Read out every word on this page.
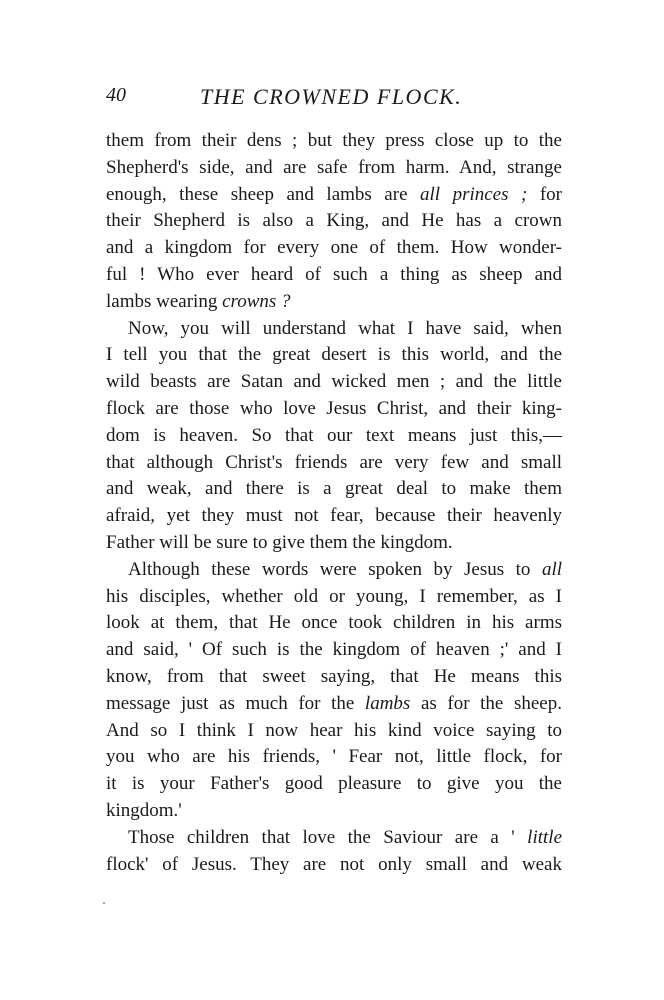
40	THE CROWNED FLOCK.

them from their dens ; but they press close up to the
Shepherd's side, and are safe from harm. And, strange
enough, these sheep and lambs are all princes ; for
their Shepherd is also a King, and He has a crown
and a kingdom for every one of them. How wonder-
ful ! Who ever heard of such a thing as sheep and
lambs wearing crowns ?

Now, you will understand what I have said, when
I tell you that the great desert is this world, and the
wild beasts are Satan and wicked men ; and the little
flock are those who love Jesus Christ, and their king-
dom is heaven. So that our text means just this,—
that although Christ's friends are very few and small
and weak, and there is a great deal to make them
afraid, yet they must not fear, because their heavenly
Father will be sure to give them the kingdom.

Although these words were spoken by Jesus to all
his disciples, whether old or young, I remember, as I
look at them, that He once took children in his arms
and said, ' Of such is the kingdom of heaven ;' and I
know, from that sweet saying, that He means this
message just as much for the lambs as for the sheep.
And so I think I now hear his kind voice saying to
you who are his friends, ' Fear not, little flock, for
it is your Father's good pleasure to give you the
kingdom.'

Those children that love the Saviour are a ' little
flock' of Jesus. They are not only small and weak
